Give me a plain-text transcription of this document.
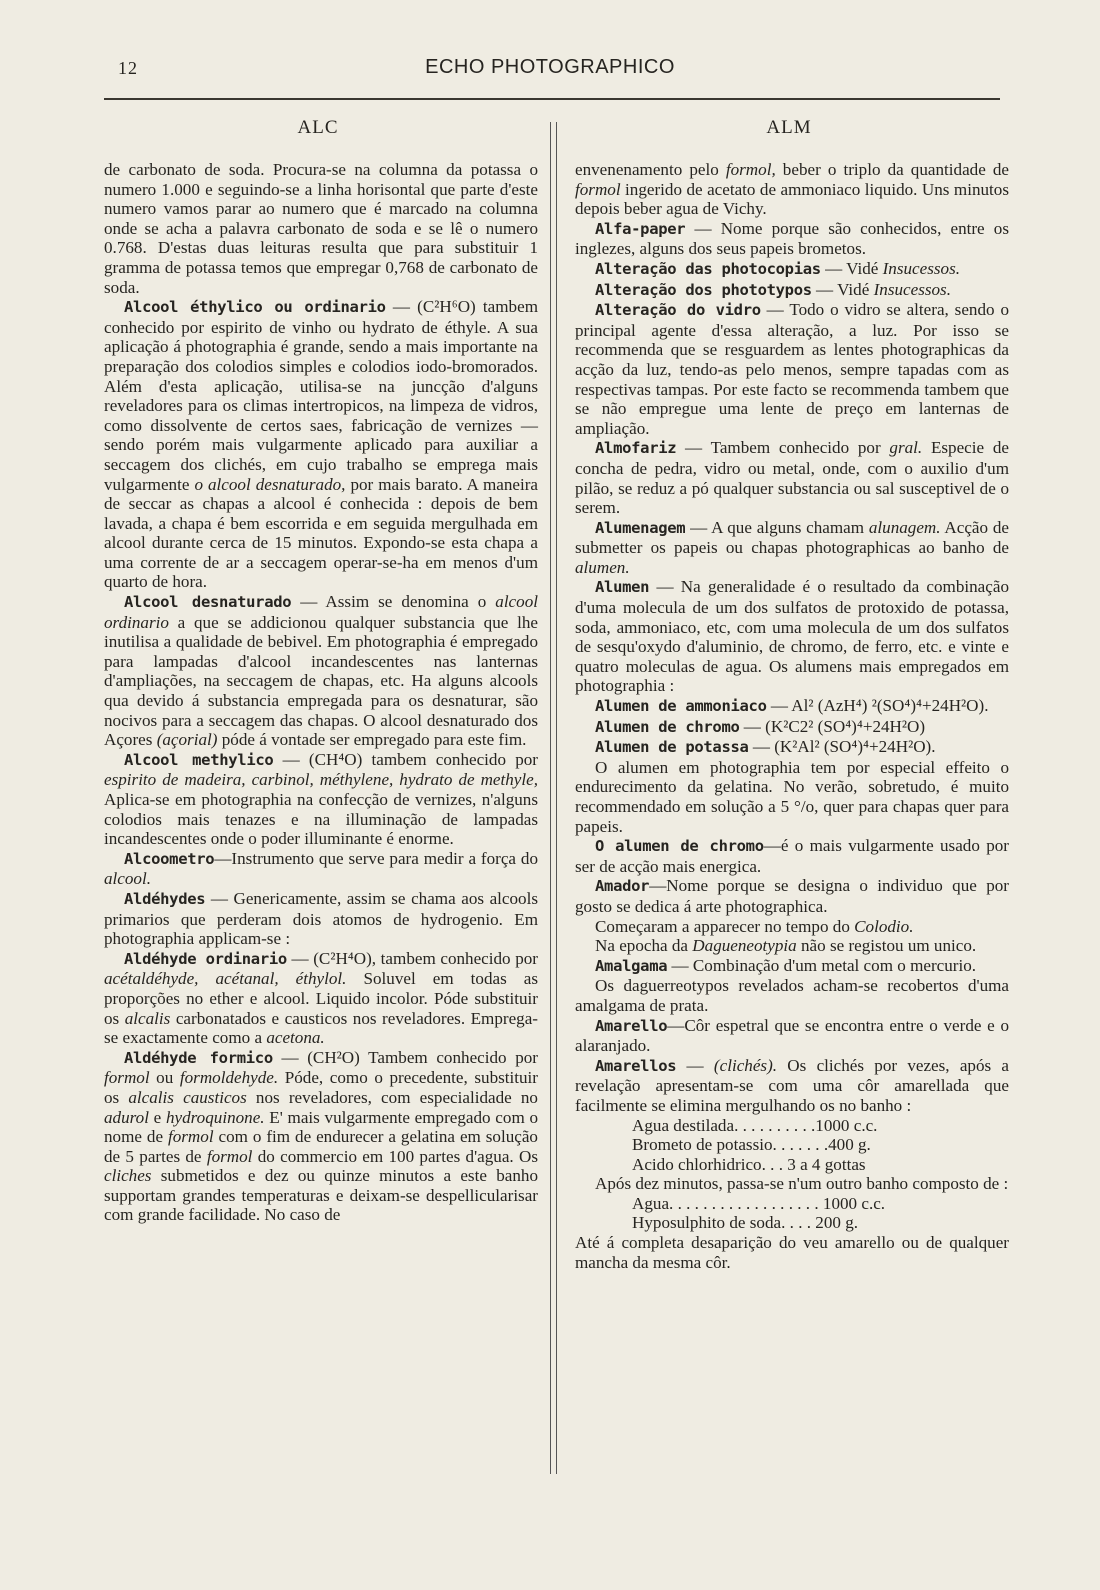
12	ECHO PHOTOGRAPHICO
ALC	ALM

de carbonato de soda. Procura-se na columna da potassa o numero 1.000 e seguindo-se a linha horisontal que parte d'este numero vamos parar ao numero que é marcado na columna onde se acha a palavra carbonato de soda e se lê o numero 0.768. D'estas duas leituras resulta que para substituir 1 gramma de potassa temos que empregar 0,768 de carbonato de soda.

Alcool éthylico ou ordinario — (C²H⁶O) tambem conhecido por espirito de vinho ou hydrato de éthyle. A sua aplicação á photographia é grande, sendo a mais importante na preparação dos colodios simples e colodios iodo-bromorados. Além d'esta aplicação, utilisa-se na juncção d'alguns reveladores para os climas intertropicos, na limpeza de vidros, como dissolvente de certos saes, fabricação de vernizes — sendo porém mais vulgarmente aplicado para auxiliar a seccagem dos clichés, em cujo trabalho se emprega mais vulgarmente o alcool desnaturado, por mais barato. A maneira de seccar as chapas a alcool é conhecida : depois de bem lavada, a chapa é bem escorrida e em seguida mergulhada em alcool durante cerca de 15 minutos. Expondo-se esta chapa a uma corrente de ar a seccagem operar-se-ha em menos d'um quarto de hora.

Alcool desnaturado — Assim se denomina o alcool ordinario a que se addicionou qualquer substancia que lhe inutilisa a qualidade de bebivel. Em photographia é empregado para lampadas d'alcool incandescentes nas lanternas d'ampliações, na seccagem de chapas, etc. Ha alguns alcools qua devido á substancia empregada para os desnaturar, são nocivos para a seccagem das chapas. O alcool desnaturado dos Açores (açorial) póde á vontade ser empregado para este fim.

Alcool methylico — (CH⁴O) tambem conhecido por espirito de madeira, carbinol, méthylene, hydrato de methyle, Aplica-se em photographia na confecção de vernizes, n'alguns colodios mais tenazes e na illuminação de lampadas incandescentes onde o poder illuminante é enorme.

Alcoometro—Instrumento que serve para medir a força do alcool.

Aldéhydes — Genericamente, assim se chama aos alcools primarios que perderam dois atomos de hydrogenio. Em photographia applicam-se :

Aldéhyde ordinario — (C²H⁴O), tambem conhecido por acétaldéhyde, acétanal, éthylol. Soluvel em todas as proporções no ether e alcool. Liquido incolor. Póde substituir os alcalis carbonatados e causticos nos reveladores. Emprega-se exactamente como a acetona.

Aldéhyde formico — (CH²O) Tambem conhecido por formol ou formoldehyde. Póde, como o precedente, substituir os alcalis causticos nos reveladores, com especialidade no adurol e hydroquinone. E' mais vulgarmente empregado com o nome de formol com o fim de endurecer a gelatina em solução de 5 partes de formol do commercio em 100 partes d'agua. Os cliches submetidos e dez ou quinze minutos a este banho supportam grandes temperaturas e deixam-se despellicularisar com grande facilidade. No caso de

envenenamento pelo formol, beber o triplo da quantidade de formol ingerido de acetato de ammoniaco liquido. Uns minutos depois beber agua de Vichy.

Alfa-paper — Nome porque são conhecidos, entre os inglezes, alguns dos seus papeis brometos.

Alteração das photocopias — Vidé Insucessos.

Alteração dos phototypos — Vidé Insucessos.

Alteração do vidro — Todo o vidro se altera, sendo o principal agente d'essa alteração, a luz. Por isso se recommenda que se resguardem as lentes photographicas da acção da luz, tendo-as pelo menos, sempre tapadas com as respectivas tampas. Por este facto se recommenda tambem que se não empregue uma lente de preço em lanternas de ampliação.

Almofariz — Tambem conhecido por gral. Especie de concha de pedra, vidro ou metal, onde, com o auxilio d'um pilão, se reduz a pó qualquer substancia ou sal susceptivel de o serem.

Alumenagem — A que alguns chamam alunagem. Acção de submetter os papeis ou chapas photographicas ao banho de alumen.

Alumen — Na generalidade é o resultado da combinação d'uma molecula de um dos sulfatos de protoxido de potassa, soda, ammoniaco, etc, com uma molecula de um dos sulfatos de sesqu'oxydo d'aluminio, de chromo, de ferro, etc. e vinte e quatro moleculas de agua. Os alumens mais empregados em photographia :

Alumen de ammoniaco — Al² (AzH⁴) ²(SO⁴)⁴+24H²O).

Alumen de chromo — (K²C2² (SO⁴)⁴+24H²O)

Alumen de potassa — (K²Al² (SO⁴)⁴+24H²O).

O alumen em photographia tem por especial effeito o endurecimento da gelatina. No verão, sobretudo, é muito recommendado em solução a 5 °/o, quer para chapas quer para papeis.

O alumen de chromo—é o mais vulgarmente usado por ser de acção mais energica.

Amador—Nome porque se designa o individuo que por gosto se dedica á arte photographica.

Começaram a apparecer no tempo do Colodio.

Na epocha da Dagueneotypia não se registou um unico.

Amalgama — Combinação d'um metal com o mercurio.

Os daguerreotypos revelados acham-se recobertos d'uma amalgama de prata.

Amarello—Côr espetral que se encontra entre o verde e o alaranjado.

Amarellos — (clichés). Os clichés por vezes, após a revelação apresentam-se com uma côr amarellada que facilmente se elimina mergulhando os no banho :

Agua destilada . . . . . . . . . . 1000 c.c.
Brometo de potassio . . . . . . . 400 g.
Acido chlorhidrico . . .
3 a 4 gottas

Após dez minutos, passa-se n'um outro banho composto de :

Agua . . . . . . . . . . . . . . . . . .
1000 c.c.
Hyposulphito de soda . . . .
200 g.

Até á completa desaparição do veu amarello ou de qualquer mancha da mesma côr.
